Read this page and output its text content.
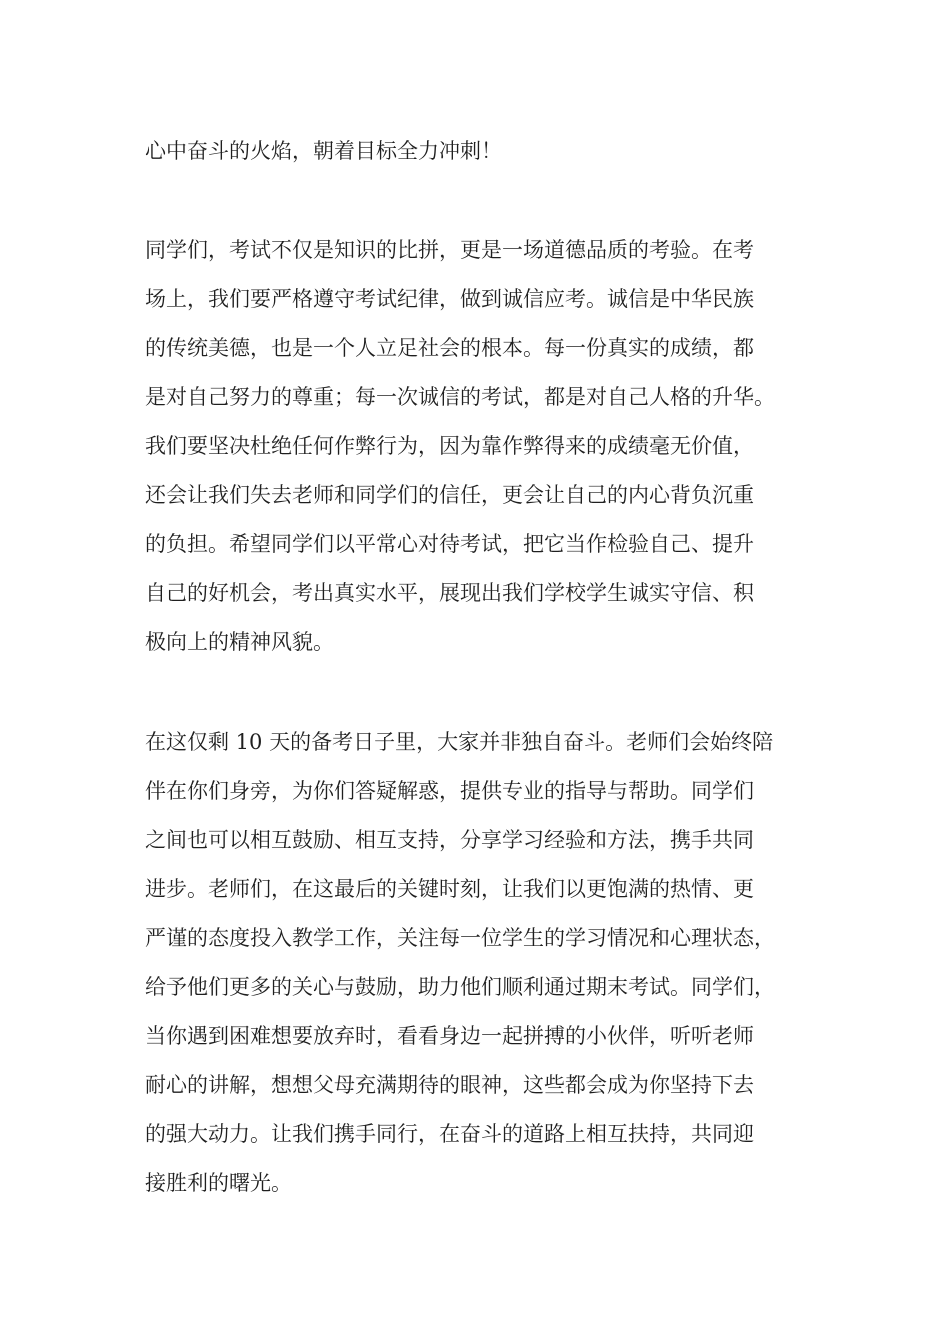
心中奋斗的火焰，朝着目标全力冲刺！
同学们，考试不仅是知识的比拼，更是一场道德品质的考验。在考
场上，我们要严格遵守考试纪律，做到诚信应考。诚信是中华民族
的传统美德，也是一个人立足社会的根本。每一份真实的成绩，都
是对自己努力的尊重；每一次诚信的考试，都是对自己人格的升华。
我们要坚决杜绝任何作弊行为，因为靠作弊得来的成绩毫无价值，
还会让我们失去老师和同学们的信任，更会让自己的内心背负沉重
的负担。希望同学们以平常心对待考试，把它当作检验自己、提升
自己的好机会，考出真实水平，展现出我们学校学生诚实守信、积
极向上的精神风貌。
在这仅剩 10 天的备考日子里，大家并非独自奋斗。老师们会始终陪
伴在你们身旁，为你们答疑解惑，提供专业的指导与帮助。同学们
之间也可以相互鼓励、相互支持，分享学习经验和方法，携手共同
进步。老师们，在这最后的关键时刻，让我们以更饱满的热情、更
严谨的态度投入教学工作，关注每一位学生的学习情况和心理状态，
给予他们更多的关心与鼓励，助力他们顺利通过期末考试。同学们，
当你遇到困难想要放弃时，看看身边一起拼搏的小伙伴，听听老师
耐心的讲解，想想父母充满期待的眼神，这些都会成为你坚持下去
的强大动力。让我们携手同行，在奋斗的道路上相互扶持，共同迎
接胜利的曙光。
